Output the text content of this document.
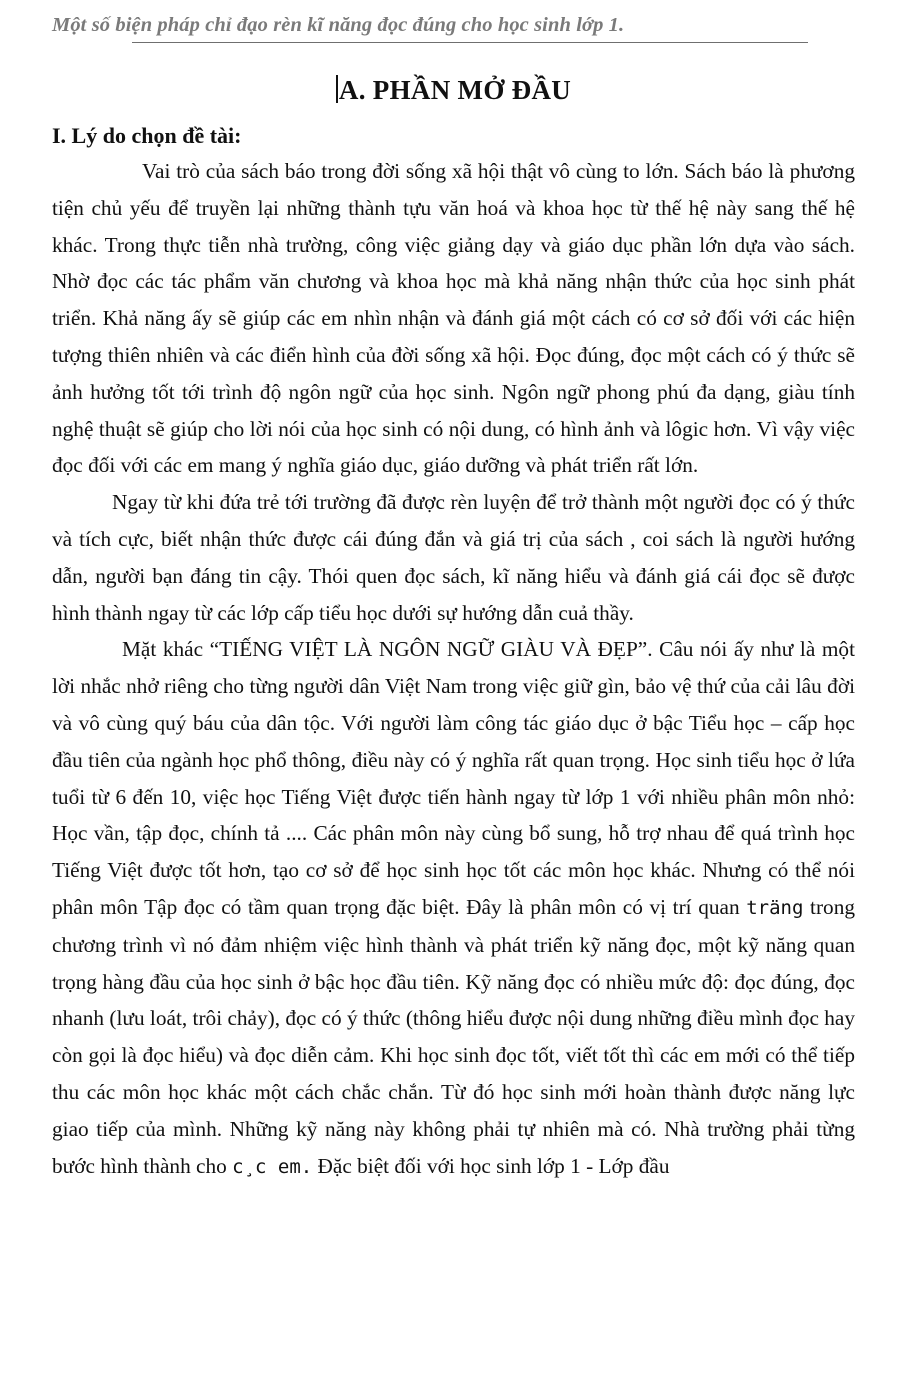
Một số biện pháp chỉ đạo rèn kĩ năng đọc đúng cho học sinh lớp 1.
A. PHẦN MỞ ĐẦU
I. Lý do chọn đề tài:

Vai trò của sách báo trong đời sống xã hội thật vô cùng to lớn. Sách báo là phương tiện chủ yếu để truyền lại những thành tựu văn hoá và khoa học từ thế hệ này sang thế hệ khác. Trong thực tiễn nhà trường, công việc giảng dạy và giáo dục phần lớn dựa vào sách. Nhờ đọc các tác phẩm văn chương và khoa học mà khả năng nhận thức của học sinh phát triển. Khả năng ấy sẽ giúp các em nhìn nhận và đánh giá một cách có cơ sở đối với các hiện tượng thiên nhiên và các điển hình của đời sống xã hội. Đọc đúng, đọc một cách có ý thức sẽ ảnh hưởng tốt tới trình độ ngôn ngữ của học sinh. Ngôn ngữ phong phú đa dạng, giàu tính nghệ thuật sẽ giúp cho lời nói của học sinh có nội dung, có hình ảnh và lôgic hơn. Vì vậy việc đọc đối với các em mang ý nghĩa giáo dục, giáo dưỡng và phát triển rất lớn.

Ngay từ khi đứa trẻ tới trường đã được rèn luyện để trở thành một người đọc có ý thức và tích cực, biết nhận thức được cái đúng đắn và giá trị của sách , coi sách là người hướng dẫn, người bạn đáng tin cậy. Thói quen đọc sách, kĩ năng hiểu và đánh giá cái đọc sẽ được hình thành ngay từ các lớp cấp tiểu học dưới sự hướng dẫn cuả thầy.

Mặt khác “TIẾNG VIỆT LÀ NGÔN NGỮ GIÀU VÀ ĐẸP”. Câu nói ấy như là một lời nhắc nhở riêng cho từng người dân Việt Nam trong việc giữ gìn, bảo vệ thứ của cải lâu đời và vô cùng quý báu của dân tộc. Với người làm công tác giáo dục ở bậc Tiểu học – cấp học đầu tiên của ngành học phổ thông, điều này có ý nghĩa rất quan trọng. Học sinh tiểu học ở lứa tuổi từ 6 đến 10, việc học Tiếng Việt được tiến hành ngay từ lớp 1 với nhiều phân môn nhỏ: Học vần, tập đọc, chính tả .... Các phân môn này cùng bổ sung, hỗ trợ nhau để quá trình học Tiếng Việt được tốt hơn, tạo cơ sở để học sinh học tốt các môn học khác. Nhưng có thể nói phân môn Tập đọc có tầm quan trọng đặc biệt. Đây là phân môn có vị trí quan träng trong chương trình vì nó đảm nhiệm việc hình thành và phát triển kỹ năng đọc, một kỹ năng quan trọng hàng đầu của học sinh ở bậc học đầu tiên. Kỹ năng đọc có nhiều mức độ: đọc đúng, đọc nhanh (lưu loát, trôi chảy), đọc có ý thức (thông hiểu được nội dung những điều mình đọc hay còn gọi là đọc hiểu) và đọc diễn cảm. Khi học sinh đọc tốt, viết tốt thì các em mới có thể tiếp thu các môn học khác một cách chắc chắn. Từ đó học sinh mới hoàn thành được năng lực giao tiếp của mình. Những kỹ năng này không phải tự nhiên mà có. Nhà trường phải từng bước hình thành cho c¸c em. Đặc biệt đối với học sinh lớp 1 - Lớp đầu
